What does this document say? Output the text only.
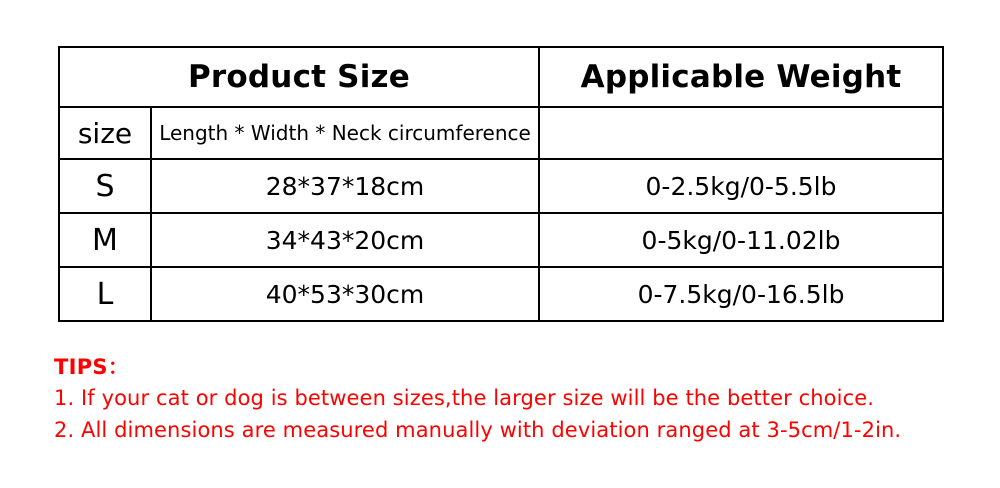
Product Size		Applicable Weight
size	Length * Width * Neck circumference	
S	28*37*18cm	0-2.5kg/0-5.5lb
M	34*43*20cm	0-5kg/0-11.02lb
L	40*53*30cm	0-7.5kg/0-16.5lb
TIPS：
1. If your cat or dog is between sizes,the larger size will be the better choice.
2. All dimensions are measured manually with deviation ranged at 3-5cm/1-2in.
